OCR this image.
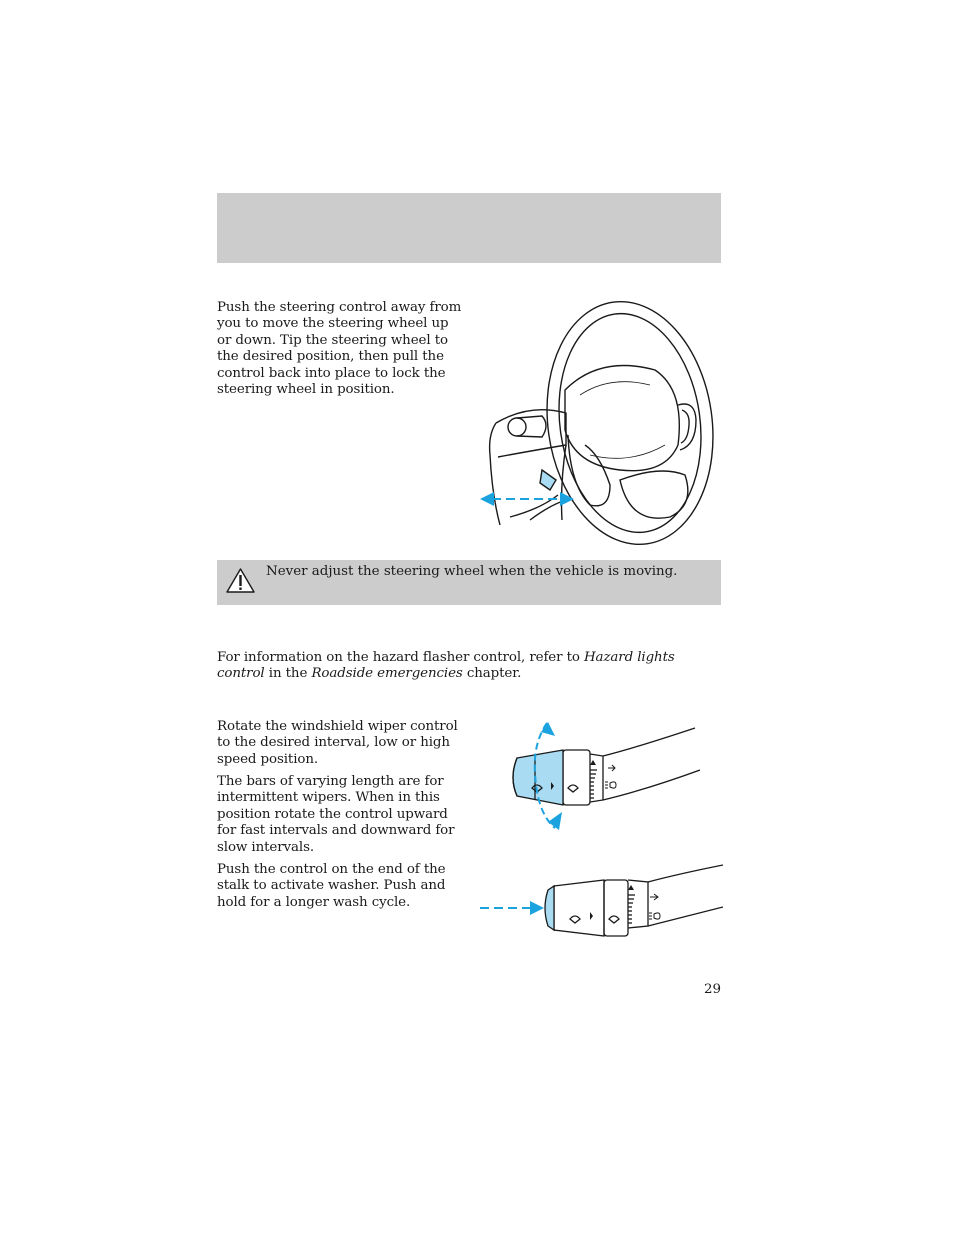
Push the steering control away from
you to move the steering wheel up
or down. Tip the steering wheel to
the desired position, then pull the
control back into place to lock the
steering wheel in position.

Never adjust the steering wheel when the vehicle is moving.

For information on the hazard flasher control, refer to Hazard lights
control in the Roadside emergencies chapter.
Rotate the windshield wiper control
to the desired interval, low or high
speed position.
The bars of varying length are for
intermittent wipers. When in this
position rotate the control upward
for fast intervals and downward for
slow intervals.
Push the control on the end of the
stalk to activate washer. Push and
hold for a longer wash cycle.
29
